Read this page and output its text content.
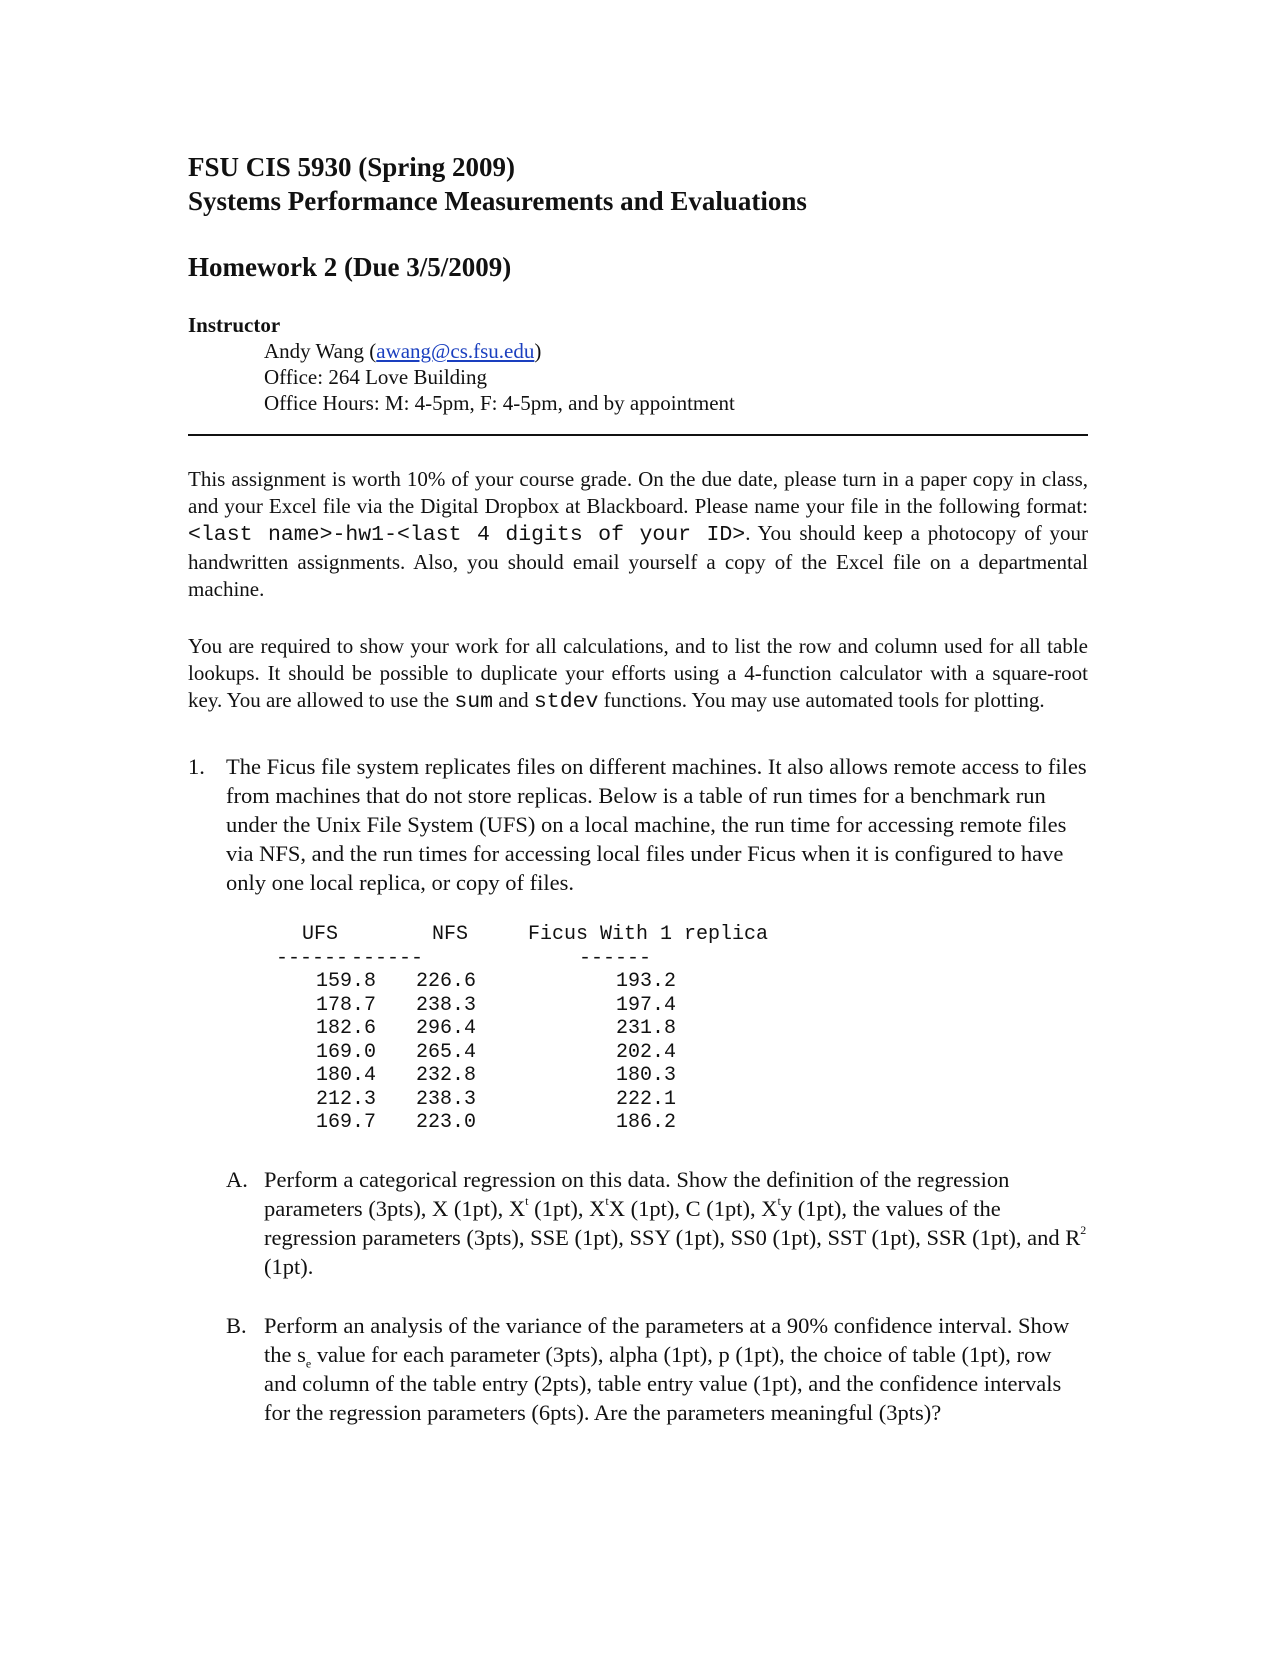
FSU CIS 5930 (Spring 2009)
Systems Performance Measurements and Evaluations
Homework 2 (Due 3/5/2009)
Instructor
Andy Wang (awang@cs.fsu.edu)
Office: 264 Love Building
Office Hours: M: 4-5pm, F: 4-5pm, and by appointment
This assignment is worth 10% of your course grade. On the due date, please turn in a paper copy in class, and your Excel file via the Digital Dropbox at Blackboard. Please name your file in the following format: <last name>-hw1-<last 4 digits of your ID>. You should keep a photocopy of your handwritten assignments. Also, you should email yourself a copy of the Excel file on a departmental machine.
You are required to show your work for all calculations, and to list the row and column used for all table lookups. It should be possible to duplicate your efforts using a 4-function calculator with a square-root key. You are allowed to use the sum and stdev functions. You may use automated tools for plotting.
1. The Ficus file system replicates files on different machines. It also allows remote access to files from machines that do not store replicas. Below is a table of run times for a benchmark run under the Unix File System (UFS) on a local machine, the run time for accessing remote files via NFS, and the run times for accessing local files under Ficus when it is configured to have only one local replica, or copy of files.
UFS	NFS	Ficus With 1 replica
------ ------	------
159.8	226.6	193.2
178.7	238.3	197.4
182.6	296.4	231.8
169.0	265.4	202.4
180.4	232.8	180.3
212.3	238.3	222.1
169.7	223.0	186.2
A. Perform a categorical regression on this data. Show the definition of the regression parameters (3pts), X (1pt), $X^t$ (1pt), $X^tX$ (1pt), C (1pt), $X^ty$ (1pt), the values of the regression parameters (3pts), SSE (1pt), SSY (1pt), SS0 (1pt), SST (1pt), SSR (1pt), and $R^2$ (1pt).
B. Perform an analysis of the variance of the parameters at a 90% confidence interval. Show the $s_e$ value for each parameter (3pts), alpha (1pt), p (1pt), the choice of table (1pt), row and column of the table entry (2pts), table entry value (1pt), and the confidence intervals for the regression parameters (6pts). Are the parameters meaningful (3pts)?
